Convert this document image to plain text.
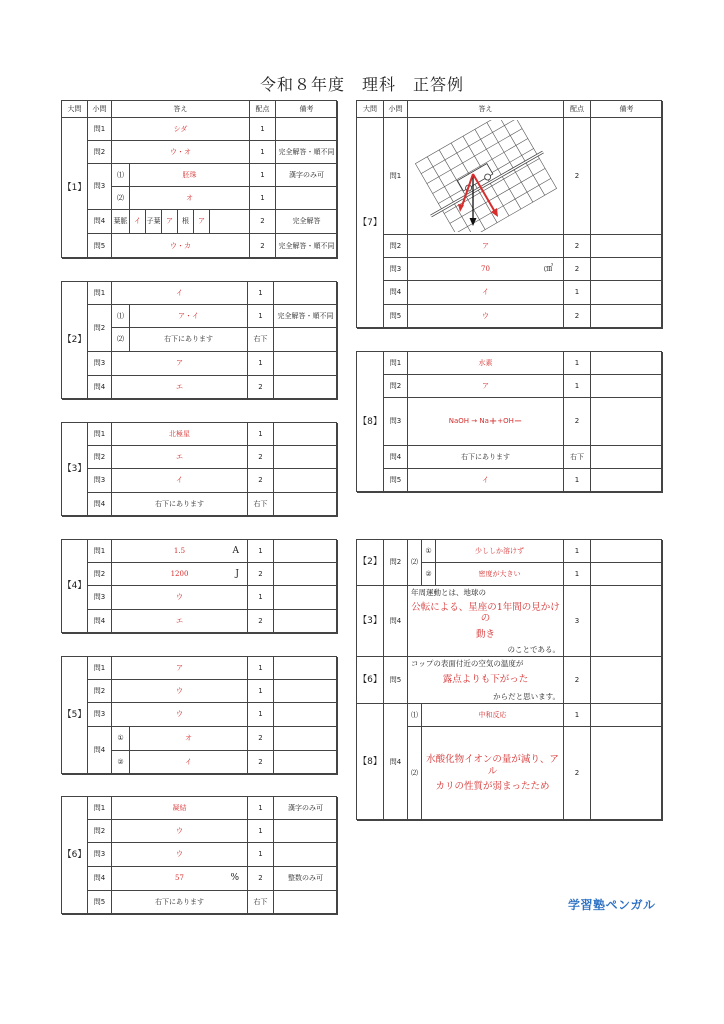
令和８年度　理科　正答例
大問	小問	答え	配点	備考
【1】
問1	シダ	1
問2	ウ・オ	1	完全解答・順不同
問3
⑴	胚珠	1	漢字のみ可
⑵	オ	1
問4	葉脈 イ 子葉 ア	根	ア	2	完全解答
問5	ウ・カ	2	完全解答・順不同
【2】
問1	イ	1
問2
⑴	ア・イ	1	完全解答・順不同
⑵	右下にあります	右下
問3	ア	1
問4	エ	2
【3】
問1	北極星	1
問2	エ	2
問3	イ	2
問4	右下にあります	右下
【4】
問1	1.5	A	1
問2	1200	J	2
問3	ウ	1
問4	エ	2
【5】
問1	ア	1
問2	ウ	1
問3	ウ	1
問4
①	オ	2
②	イ	2
【6】
問1	凝結	1	漢字のみ可
問2	ウ	1
問3	ウ	1
問4	57	%	2	整数のみ可
問5	右下にあります	右下
大問	小問	答え	配点	備考
【7】
問1	2
問2	ア	2
問3	70	㎤	2
問4	イ	1
問5	ウ	2
【8】
問1	水素	1
問2	ア	1
問3	NaOH → Na + +OH −	2
問4	右下にあります	右下
問5	イ	1
【2】	問2	⑵
①	少ししか溶けず	1
②	密度が大きい	1
【3】	問4
年周運動とは、地球の
公転による、星座の1年間の見かけの
動き
のことである。
3
【6】	問5
コップの表面付近の空気の温度が
露点よりも下がった
からだと思います。
2
【8】	問4
⑴	中和反応	1
⑵
水酸化物イオンの量が減り、アル
カリの性質が弱まったため
2
学習塾ペンガル
